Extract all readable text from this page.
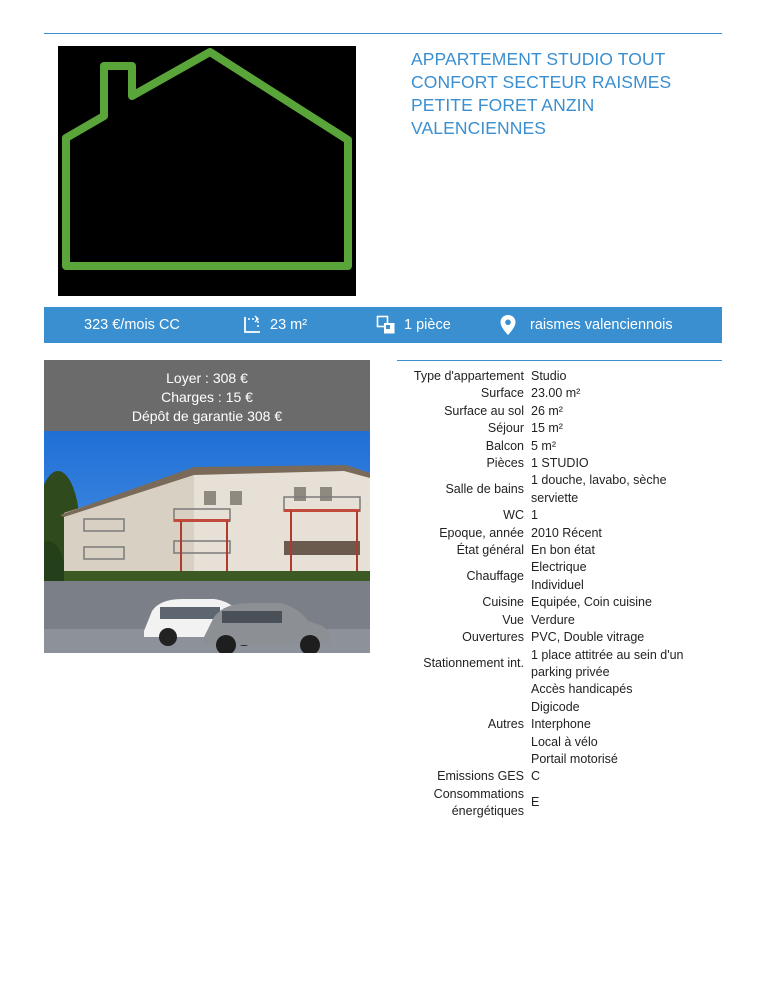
APPARTEMENT STUDIO TOUT CONFORT SECTEUR RAISMES PETITE FORET ANZIN VALENCIENNES
323 €/mois CC	23 m²	1 pièce	raismes valenciennois
Loyer : 308 €
Charges : 15 €
Dépôt de garantie 308 €
Type d'appartement	Studio

Surface	23.00 m²

Surface au sol	26 m²

Séjour	15 m²

Balcon	5 m²

Pièces	1 STUDIO

Salle de bains	1 douche, lavabo, sèche
serviette

WC	1

Epoque, année	2010 Récent

État général	En bon état

Chauffage	Electrique
Individuel

Cuisine	Equipée, Coin cuisine

Vue	Verdure

Ouvertures	PVC, Double vitrage

Stationnement int.	1 place attitrée au sein d'un
parking privée

Autres	Accès handicapés
Digicode
Interphone
Local à vélo
Portail motorisé

Emissions GES	C

Consommations
énergétiques	E
